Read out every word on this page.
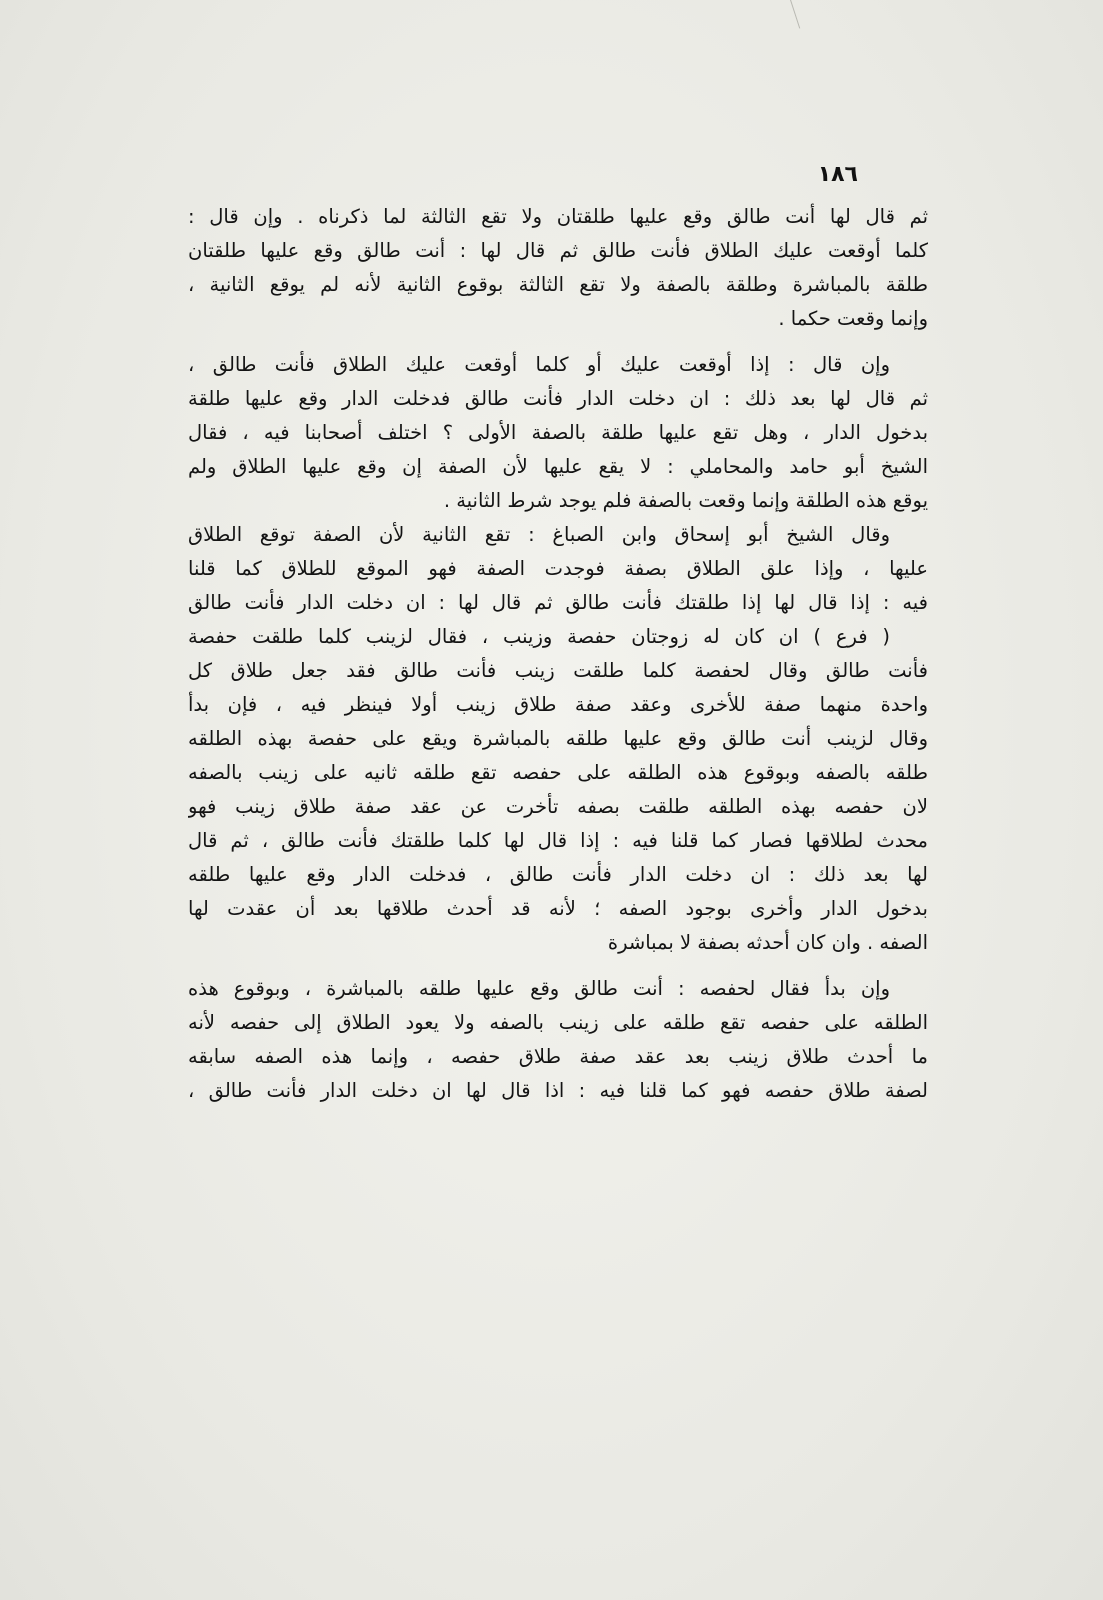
١٨٦
ثم قال لها أنت طالق وقع عليها طلقتان ولا تقع الثالثة لما ذكرناه . وإن قال :
كلما أوقعت عليك الطلاق فأنت طالق ثم قال لها : أنت طالق وقع عليها طلقتان
طلقة بالمباشرة وطلقة بالصفة ولا تقع الثالثة بوقوع الثانية لأنه لم يوقع الثانية ،
وإنما وقعت حكما .
وإن قال : إذا أوقعت عليك أو كلما أوقعت عليك الطلاق فأنت طالق ،
ثم قال لها بعد ذلك : ان دخلت الدار فأنت طالق فدخلت الدار وقع عليها طلقة
بدخول الدار ، وهل تقع عليها طلقة بالصفة الأولى ؟ اختلف أصحابنا فيه ، فقال
الشيخ أبو حامد والمحاملي : لا يقع عليها لأن الصفة إن وقع عليها الطلاق ولم
يوقع هذه الطلقة وإنما وقعت بالصفة فلم يوجد شرط الثانية .
وقال الشيخ أبو إسحاق وابن الصباغ : تقع الثانية لأن الصفة توقع الطلاق
عليها ، وإذا علق الطلاق بصفة فوجدت الصفة فهو الموقع للطلاق كما قلنا
فيه : إذا قال لها إذا طلقتك فأنت طالق ثم قال لها : ان دخلت الدار فأنت طالق
( فرع ) ان كان له زوجتان حفصة وزينب ، فقال لزينب كلما طلقت حفصة
فأنت طالق وقال لحفصة كلما طلقت زينب فأنت طالق فقد جعل طلاق كل
واحدة منهما صفة للأخرى وعقد صفة طلاق زينب أولا فينظر فيه ، فإن بدأ
وقال لزينب أنت طالق وقع عليها طلقه بالمباشرة ويقع على حفصة بهذه الطلقه
طلقه بالصفه وبوقوع هذه الطلقه على حفصه تقع طلقه ثانيه على زينب بالصفه
لان حفصه بهذه الطلقه طلقت بصفه تأخرت عن عقد صفة طلاق زينب فهو
محدث لطلاقها فصار كما قلنا فيه : إذا قال لها كلما طلقتك فأنت طالق ، ثم قال
لها بعد ذلك : ان دخلت الدار فأنت طالق ، فدخلت الدار وقع عليها طلقه
بدخول الدار وأخرى بوجود الصفه ؛ لأنه قد أحدث طلاقها بعد أن عقدت لها
الصفه . وان كان أحدثه بصفة لا بمباشرة
وإن بدأ فقال لحفصه : أنت طالق وقع عليها طلقه بالمباشرة ، وبوقوع هذه
الطلقه على حفصه تقع طلقه على زينب بالصفه ولا يعود الطلاق إلى حفصه لأنه
ما أحدث طلاق زينب بعد عقد صفة طلاق حفصه ، وإنما هذه الصفه سابقه
لصفة طلاق حفصه فهو كما قلنا فيه : اذا قال لها ان دخلت الدار فأنت طالق ،
